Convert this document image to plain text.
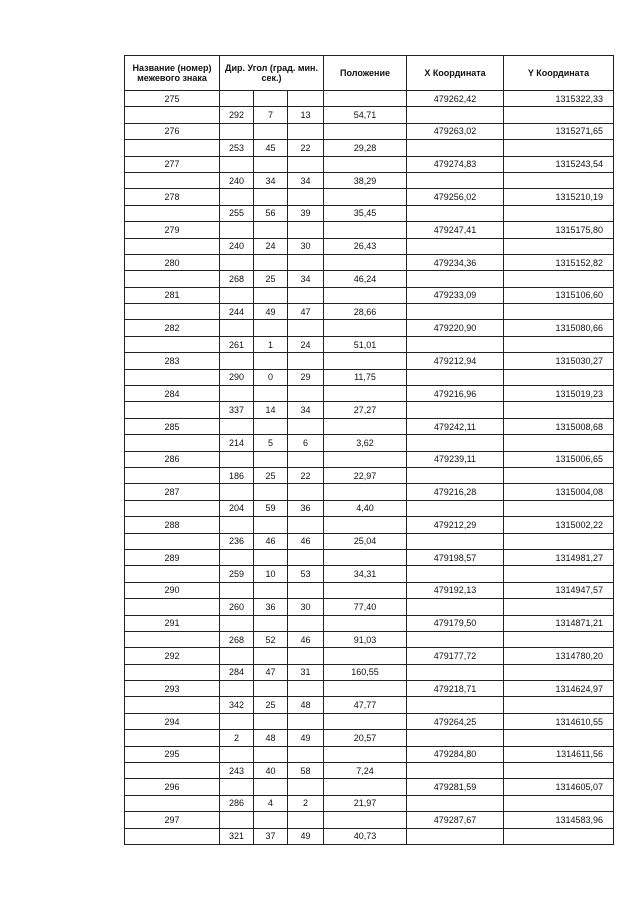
Название (номер) межевого знака	Дир. Угол (град. мин. сек.)			Положение	X Координата	Y Координата
275					479262,42	1315322,33
	292	7	13	54,71		
276					479263,02	1315271,65
	253	45	22	29,28		
277					479274,83	1315243,54
	240	34	34	38,29		
278					479256,02	1315210,19
	255	56	39	35,45		
279					479247,41	1315175,80
	240	24	30	26,43		
280					479234,36	1315152,82
	268	25	34	46,24		
281					479233,09	1315106,60
	244	49	47	28,66		
282					479220,90	1315080,66
	261	1	24	51,01		
283					479212,94	1315030,27
	290	0	29	11,75		
284					479216,96	1315019,23
	337	14	34	27,27		
285					479242,11	1315008,68
	214	5	6	3,62		
286					479239,11	1315006,65
	186	25	22	22,97		
287					479216,28	1315004,08
	204	59	36	4,40		
288					479212,29	1315002,22
	236	46	46	25,04		
289					479198,57	1314981,27
	259	10	53	34,31		
290					479192,13	1314947,57
	260	36	30	77,40		
291					479179,50	1314871,21
	268	52	46	91,03		
292					479177,72	1314780,20
	284	47	31	160,55		
293					479218,71	1314624,97
	342	25	48	47,77		
294					479264,25	1314610,55
	2	48	49	20,57		
295					479284,80	1314611,56
	243	40	58	7,24		
296					479281,59	1314605,07
	286	4	2	21,97		
297					479287,67	1314583,96
	321	37	49	40,73		
